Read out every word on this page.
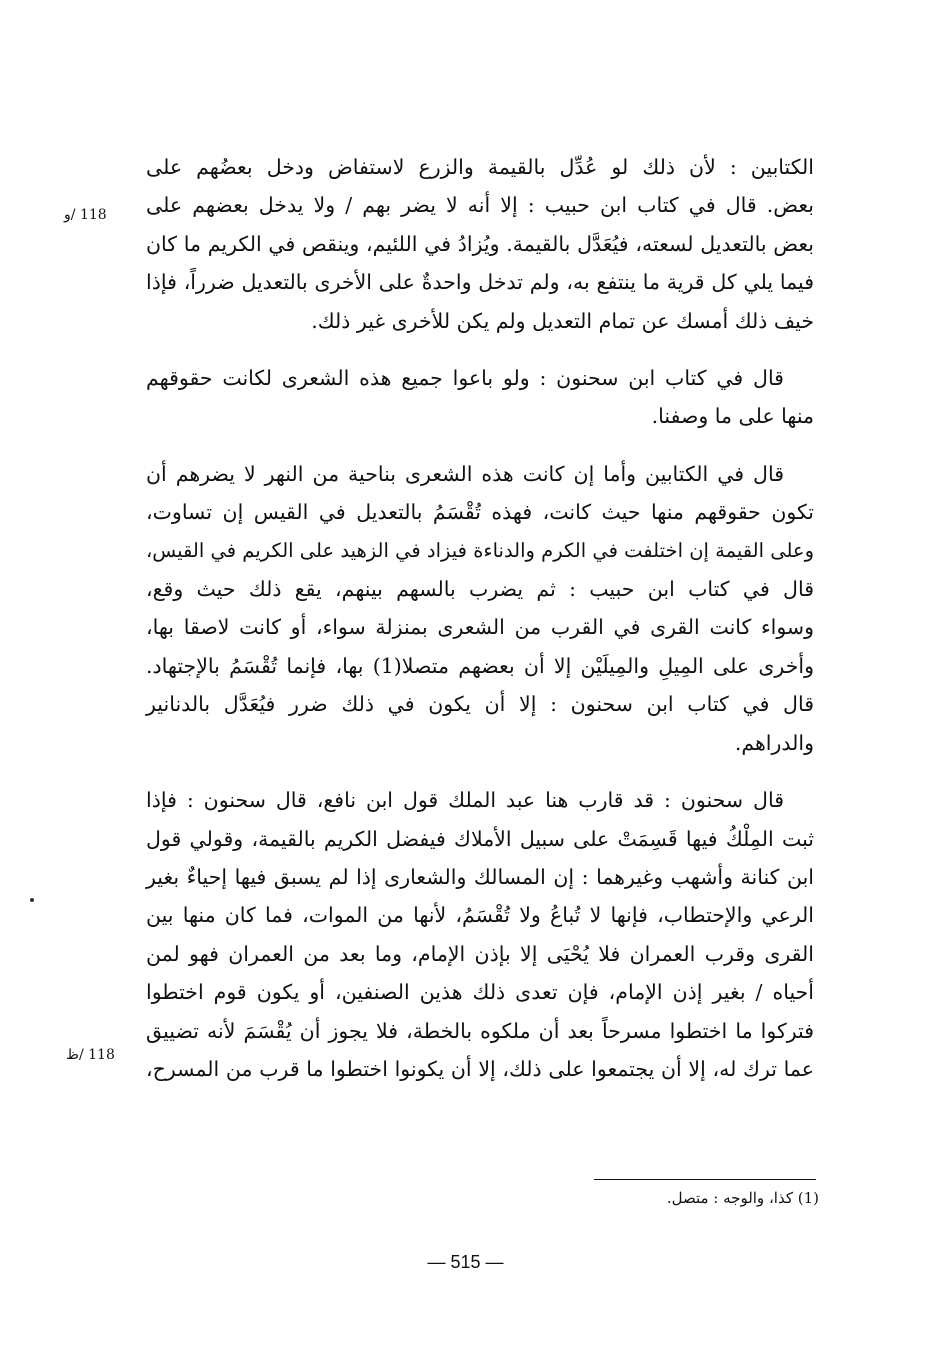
118 /و
118 /ظ
الكتابين : لأن ذلك لو عُدِّل بالقيمة والزرع لاستفاض ودخل بعضُهم على
بعض. قال في كتاب ابن حبيب : إلا أنه لا يضر بهم / ولا يدخل بعضهم على
بعض بالتعديل لسعته، فيُعَدَّل بالقيمة. ويُزادُ في اللئيم، وينقص في الكريم ما كان
فيما يلي كل قرية ما ينتفع به، ولم تدخل واحدةٌ على الأخرى بالتعديل ضرراً، فإذا
خيف ذلك أمسك عن تمام التعديل ولم يكن للأخرى غير ذلك.
قال في كتاب ابن سحنون : ولو باعوا جميع هذه الشعرى لكانت حقوقهم
منها على ما وصفنا.
قال في الكتابين وأما إن كانت هذه الشعرى بناحية من النهر لا يضرهم أن
تكون حقوقهم منها حيث كانت، فهذه تُقْسَمُ بالتعديل في القيس إن تساوت،
وعلى القيمة إن اختلفت في الكرم والدناءة فيزاد في الزهيد على الكريم في القيس،
قال في كتاب ابن حبيب : ثم يضرب بالسهم بينهم، يقع ذلك حيث وقع،
وسواء كانت القرى في القرب من الشعرى بمنزلة سواء، أو كانت لاصقا بها،
وأخرى على المِيلِ والمِيلَيْن إلا أن بعضهم متصلا(1) بها، فإنما تُقْسَمُ بالإجتهاد.
قال في كتاب ابن سحنون : إلا أن يكون في ذلك ضرر فيُعَدَّل بالدنانير
والدراهم.
قال سحنون : قد قارب هنا عبد الملك قول ابن نافع، قال سحنون : فإذا
ثبت المِلْكُ فيها قَسِمَتْ على سبيل الأملاك فيفضل الكريم بالقيمة، وقولي قول
ابن كنانة وأشهب وغيرهما : إن المسالك والشعارى إذا لم يسبق فيها إحياءٌ بغير
الرعي والإحتطاب، فإنها لا تُباعُ ولا تُقْسَمُ، لأنها من الموات، فما كان منها بين
القرى وقرب العمران فلا يُحْيَى إلا بإذن الإمام، وما بعد من العمران فهو لمن
أحياه / بغير إذن الإمام، فإن تعدى ذلك هذين الصنفين، أو يكون قوم اختطوا
فتركوا ما اختطوا مسرحاً بعد أن ملكوه بالخطة، فلا يجوز أن يُقْسَمَ لأنه تضييق
عما ترك له، إلا أن يجتمعوا على ذلك، إلا أن يكونوا اختطوا ما قرب من المسرح،
(1) كذا، والوجه : متصل.
— 515 —
